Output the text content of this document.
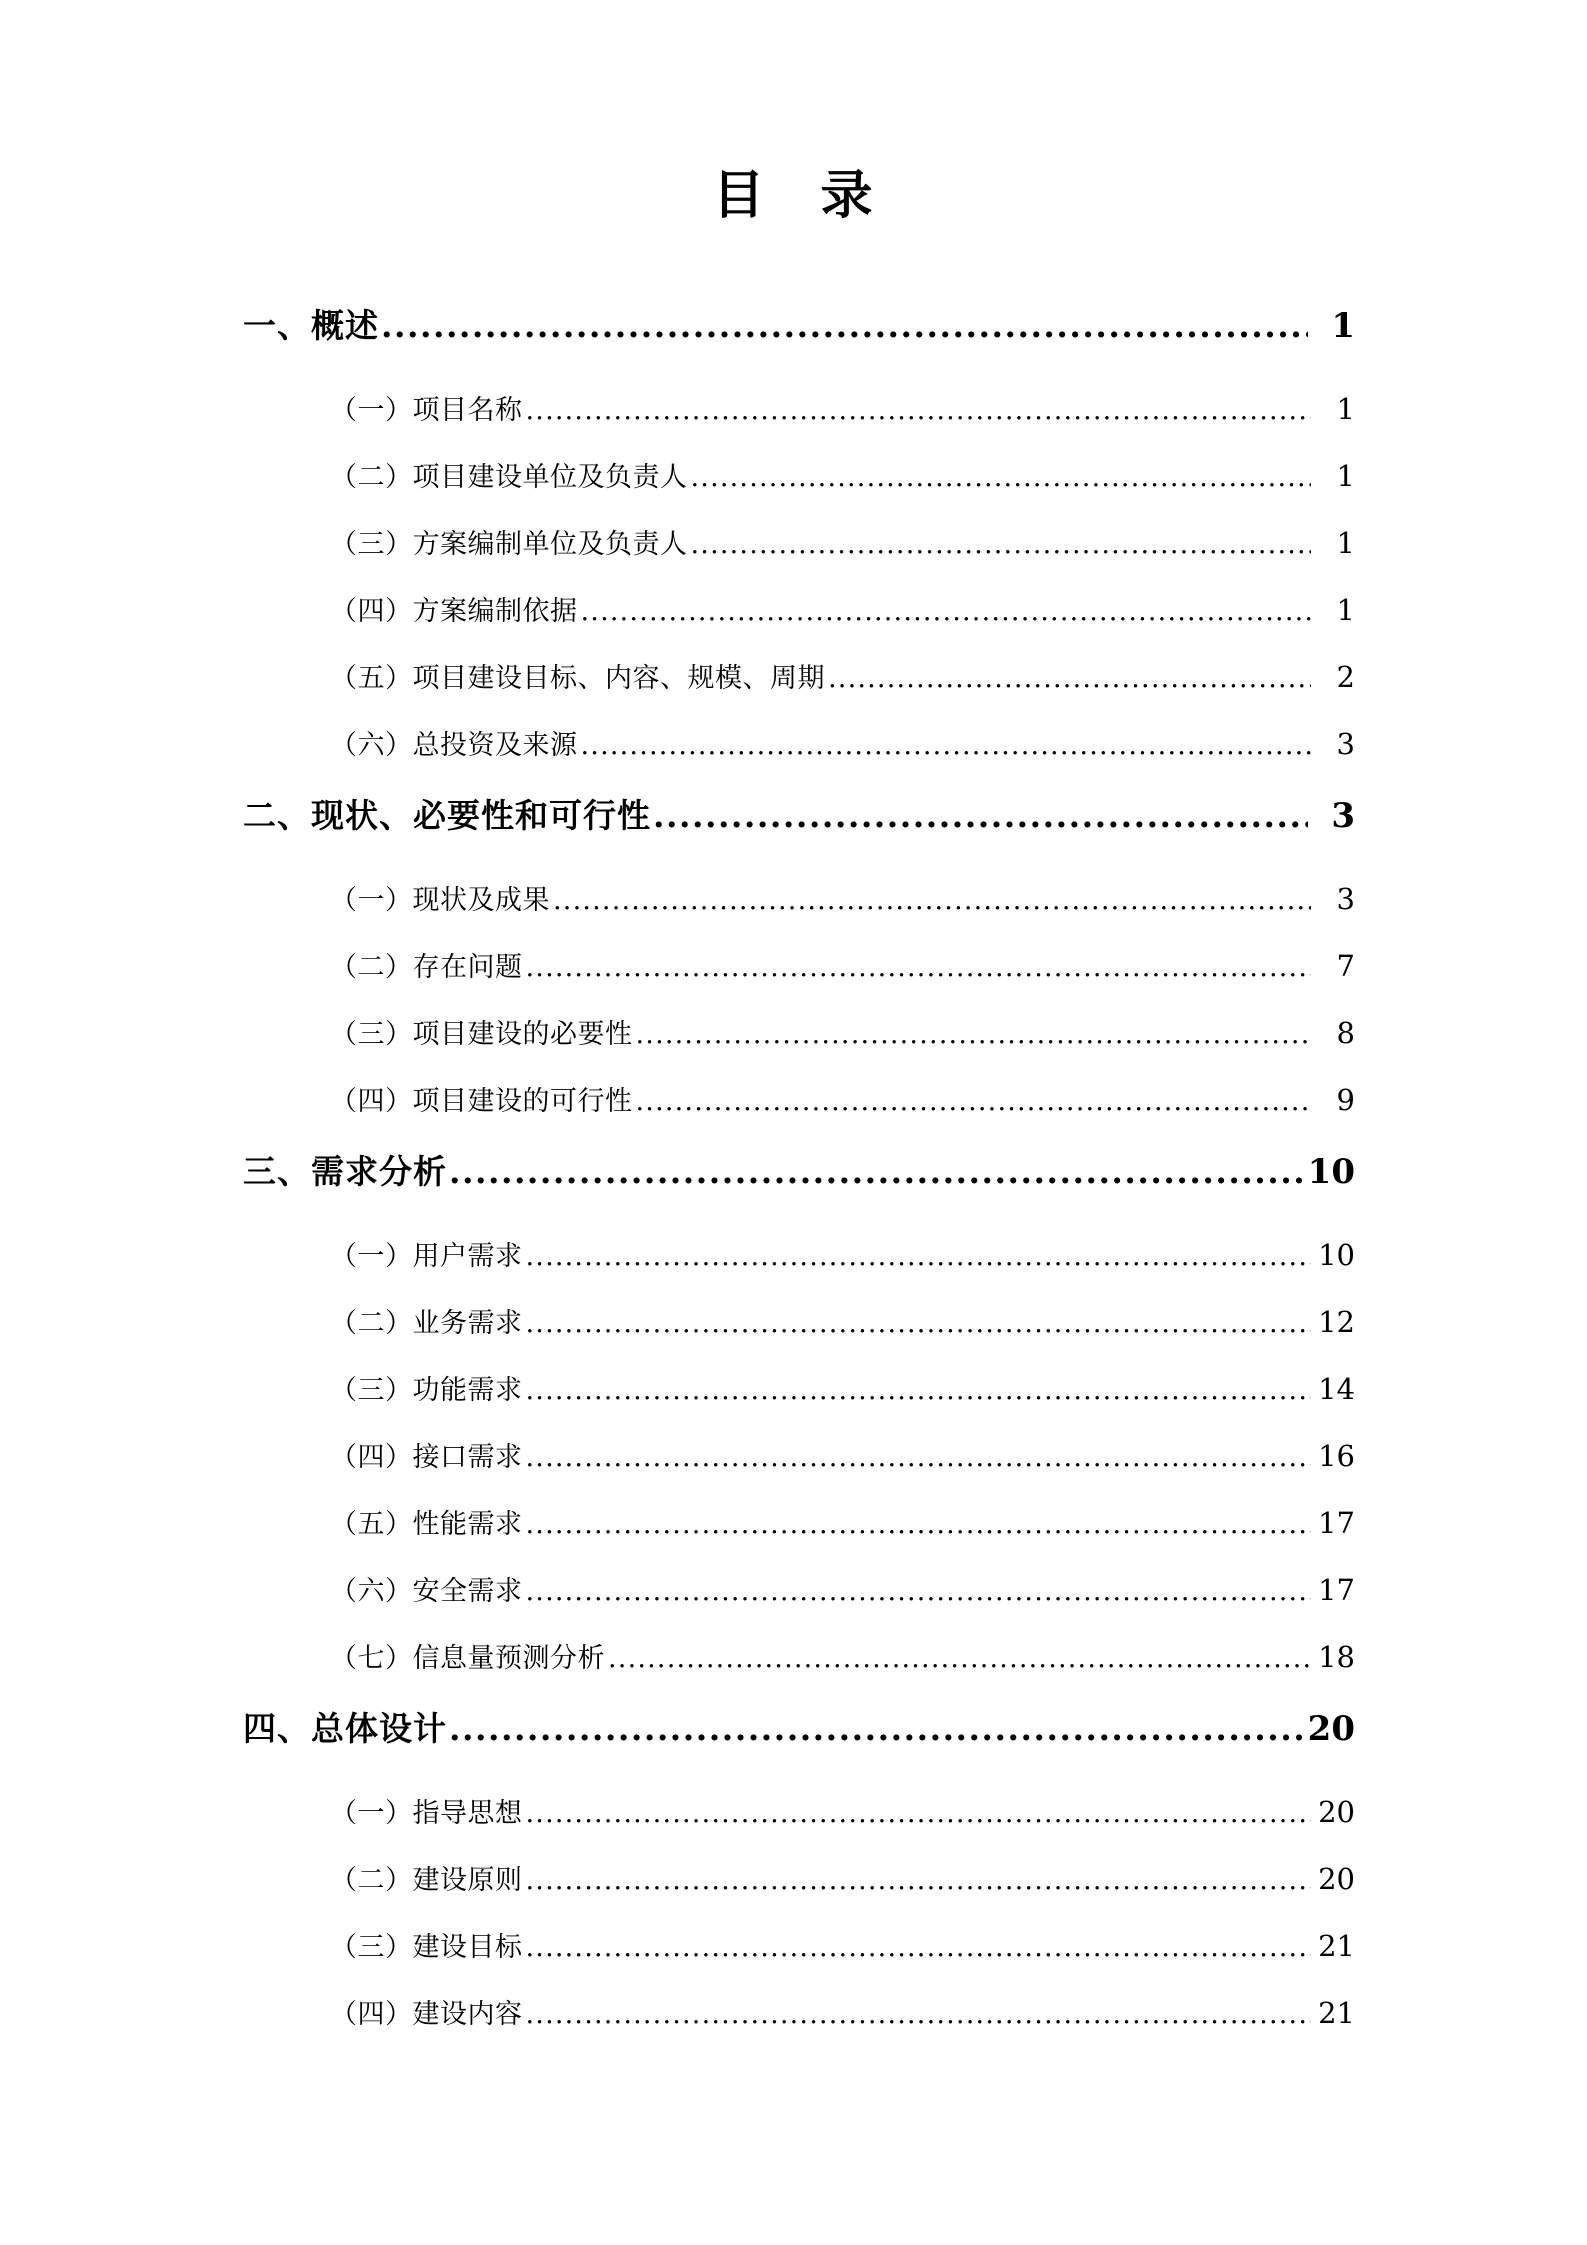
目　录
一、概述 .....	1
（一）项目名称 .....	1
（二）项目建设单位及负责人 .....	1
（三）方案编制单位及负责人 .....	1
（四）方案编制依据 .....	1
（五）项目建设目标、内容、规模、周期 .....	2
（六）总投资及来源 .....	3
二、现状、必要性和可行性 .....	3
（一）现状及成果 .....	3
（二）存在问题 .....	7
（三）项目建设的必要性 .....	8
（四）项目建设的可行性 .....	9
三、需求分析 .....	10
（一）用户需求 .....	10
（二）业务需求 .....	12
（三）功能需求 .....	14
（四）接口需求 .....	16
（五）性能需求 .....	17
（六）安全需求 .....	17
（七）信息量预测分析 .....	18
四、总体设计 .....	20
（一）指导思想 .....	20
（二）建设原则 .....	20
（三）建设目标 .....	21
（四）建设内容 .....	21
